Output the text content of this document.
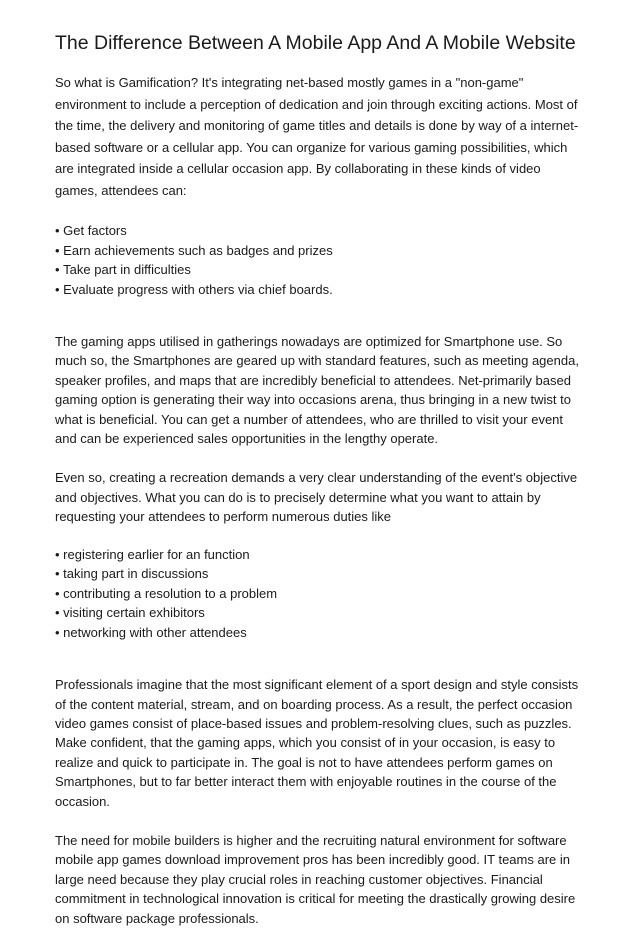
The Difference Between A Mobile App And A Mobile Website

So what is Gamification? It's integrating net-based mostly games in a "non-game" environment to include a perception of dedication and join through exciting actions. Most of the time, the delivery and monitoring of game titles and details is done by way of a internet-based software or a cellular app. You can organize for various gaming possibilities, which are integrated inside a cellular occasion app. By collaborating in these kinds of video games, attendees can:

• Get factors
• Earn achievements such as badges and prizes
• Take part in difficulties
• Evaluate progress with others via chief boards.

The gaming apps utilised in gatherings nowadays are optimized for Smartphone use. So much so, the Smartphones are geared up with standard features, such as meeting agenda, speaker profiles, and maps that are incredibly beneficial to attendees. Net-primarily based gaming option is generating their way into occasions arena, thus bringing in a new twist to what is beneficial. You can get a number of attendees, who are thrilled to visit your event and can be experienced sales opportunities in the lengthy operate.

Even so, creating a recreation demands a very clear understanding of the event's objective and objectives. What you can do is to precisely determine what you want to attain by requesting your attendees to perform numerous duties like

• registering earlier for an function
• taking part in discussions
• contributing a resolution to a problem
• visiting certain exhibitors
• networking with other attendees

Professionals imagine that the most significant element of a sport design and style consists of the content material, stream, and on boarding process. As a result, the perfect occasion video games consist of place-based issues and problem-resolving clues, such as puzzles. Make confident, that the gaming apps, which you consist of in your occasion, is easy to realize and quick to participate in. The goal is not to have attendees perform games on Smartphones, but to far better interact them with enjoyable routines in the course of the occasion.

The need for mobile builders is higher and the recruiting natural environment for software mobile app games download improvement pros has been incredibly good. IT teams are in large need because they play crucial roles in reaching customer objectives. Financial commitment in technological innovation is critical for meeting the drastically growing desire on software package professionals.
